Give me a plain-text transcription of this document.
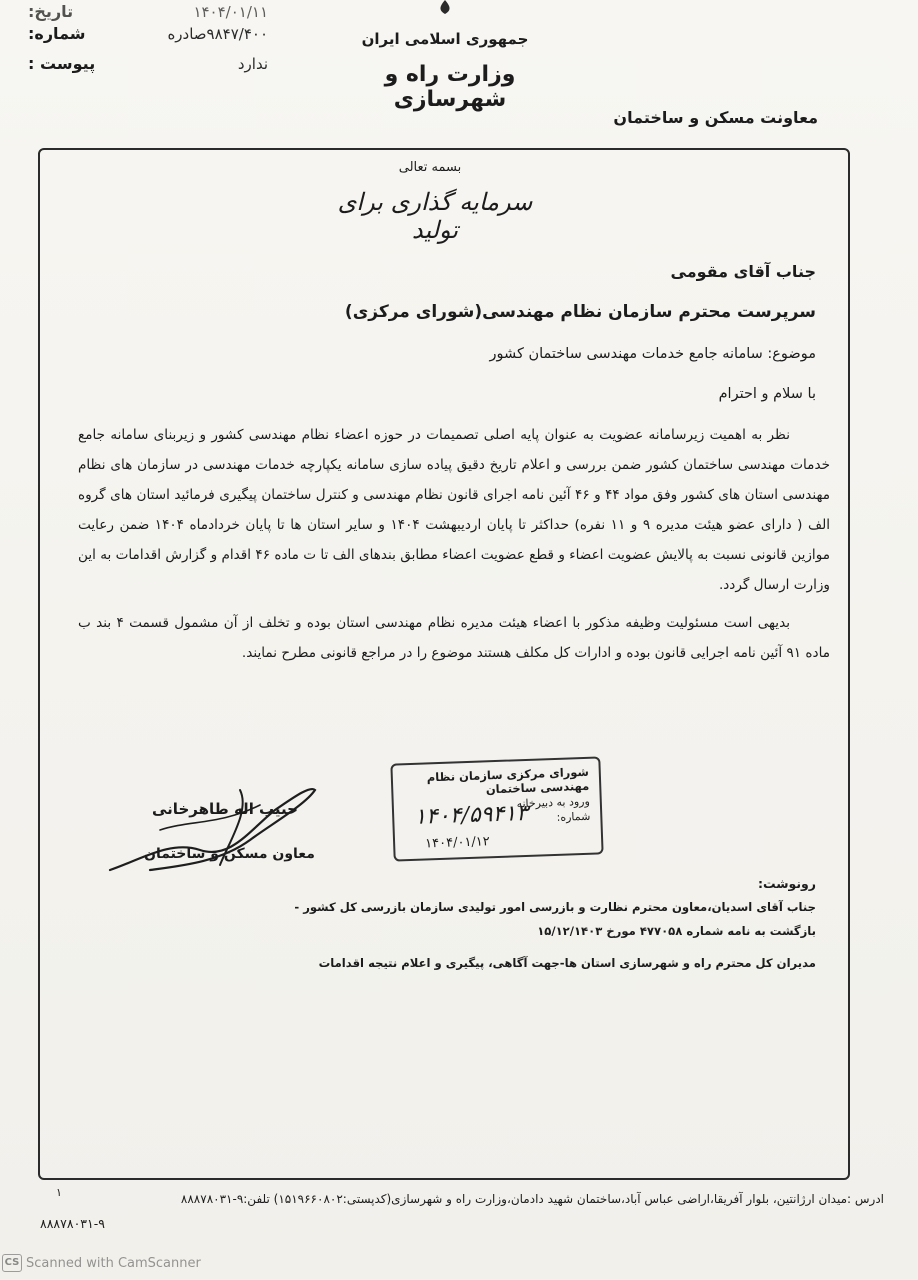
تاریخ:	۱۴۰۴/۰۱/۱۱
شماره:	۹۸۴۷/۴۰۰صادره
پیوست :	ندارد
جمهوری اسلامی ایران
وزارت راه و شهرسازی
معاونت مسکن و ساختمان
بسمه تعالی
سرمایه گذاری برای تولید
جناب آقای مقومی
سرپرست محترم سازمان نظام مهندسی(شورای مرکزی)
موضوع: سامانه جامع خدمات مهندسی ساختمان کشور
با سلام و احترام

نظر به اهمیت زیرسامانه عضویت به عنوان پایه اصلی تصمیمات در حوزه اعضاء نظام مهندسی کشور و زیربنای سامانه جامع خدمات مهندسی ساختمان کشور ضمن بررسی و اعلام تاریخ دقیق پیاده سازی سامانه یکپارچه خدمات مهندسی در سازمان های نظام مهندسی استان های کشور وفق مواد ۴۴ و ۴۶ آئین نامه اجرای قانون نظام مهندسی و کنترل ساختمان پیگیری فرمائید استان های گروه الف ( دارای عضو هیئت مدیره ۹ و ۱۱ نفره) حداکثر تا پایان اردیبهشت ۱۴۰۴ و سایر استان ها تا پایان خردادماه ۱۴۰۴ ضمن رعایت موازین قانونی نسبت به پالایش عضویت اعضاء و قطع عضویت اعضاء مطابق بندهای الف تا ت ماده ۴۶ اقدام و گزارش اقدامات به این وزارت ارسال گردد.

بدیهی است مسئولیت وظیفه مذکور با اعضاء هیئت مدیره نظام مهندسی استان بوده و تخلف از آن مشمول قسمت ۴ بند ب ماده ۹۱ آئین نامه اجرایی قانون بوده و ادارات کل مکلف هستند موضوع را در مراجع قانونی مطرح نمایند.

شورای مرکزی سازمان نظام مهندسی ساختمان
ورود به دبیرخانه
شماره:
۱۴۰۴/۵۹۴۱۳
۱۴۰۴/۰۱/۱۲
حبیب اله طاهرخانی
معاون مسکن و ساختمان
رونوشت:
جناب آقای اسدیان،معاون محترم نظارت و بازرسی امور تولیدی سازمان بازرسی کل کشور -
بازگشت به نامه شماره ۴۷۷۰۵۸ مورخ ۱۵/۱۲/۱۴۰۳
مدیران کل محترم راه و شهرسازی استان ها-جهت آگاهی، پیگیری و اعلام نتیجه اقدامات
۱	ادرس :میدان ارژانتین، بلوار آفریقا،اراضی عباس آباد،ساختمان شهید دادمان،وزارت راه و شهرسازی(کدپستی:۱۵۱۹۶۶۰۸۰۲) تلفن:۹-۸۸۸۷۸۰۳۱
۸۸۸۷۸۰۳۱-۹
CS Scanned with CamScanner
